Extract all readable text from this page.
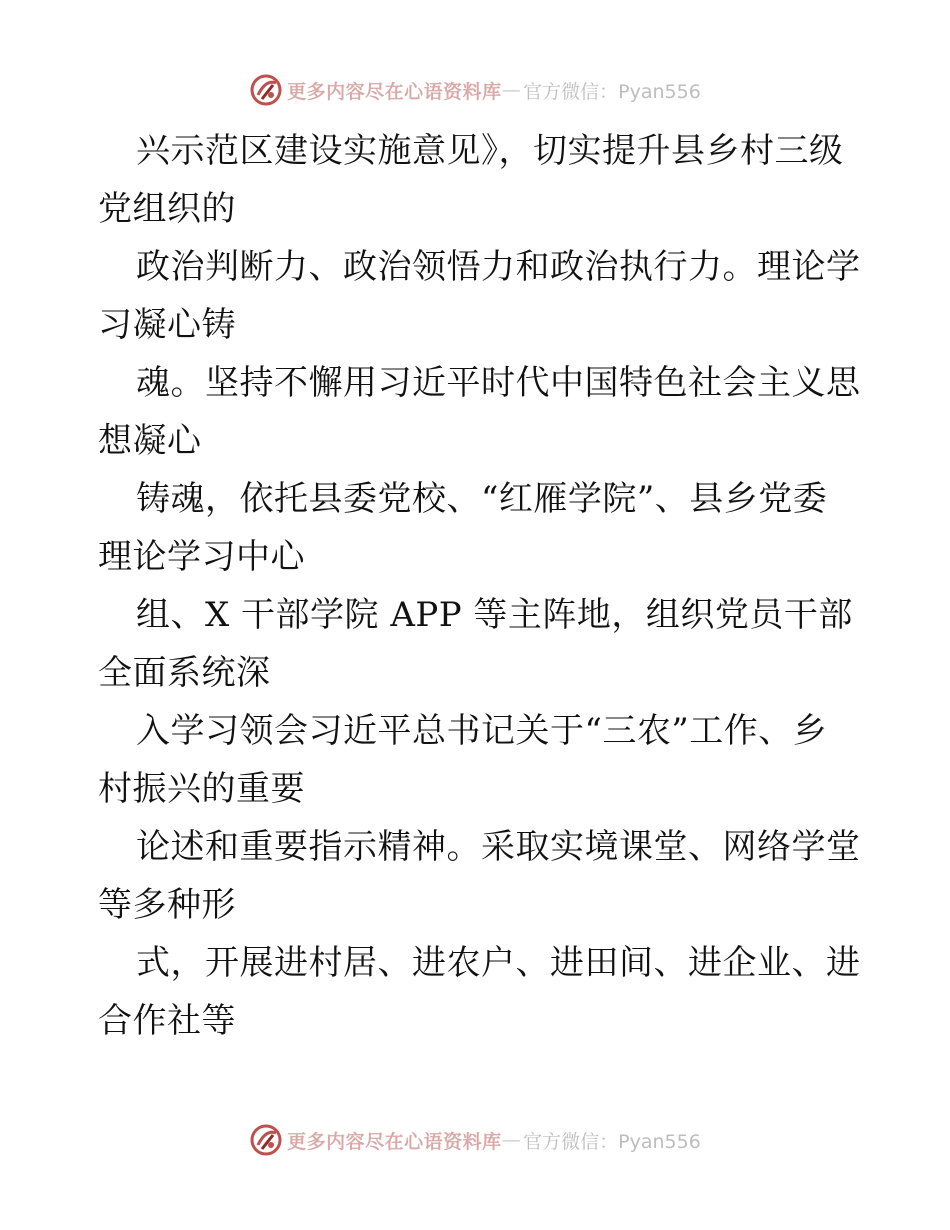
更多内容尽在心语资料库 — 官方微信：Pyan556
兴示范区建设实施意见》，切实提升县乡村三级
党组织的
政治判断力、政治领悟力和政治执行力。理论学
习凝心铸
魂。坚持不懈用习近平时代中国特色社会主义思
想凝心
铸魂，依托县委党校、“红雁学院”、县乡党委
理论学习中心
组、X 干部学院 APP 等主阵地，组织党员干部
全面系统深
入学习领会习近平总书记关于“三农”工作、乡
村振兴的重要
论述和重要指示精神。采取实境课堂、网络学堂
等多种形
式，开展进村居、进农户、进田间、进企业、进
合作社等
更多内容尽在心语资料库 — 官方微信：Pyan556
